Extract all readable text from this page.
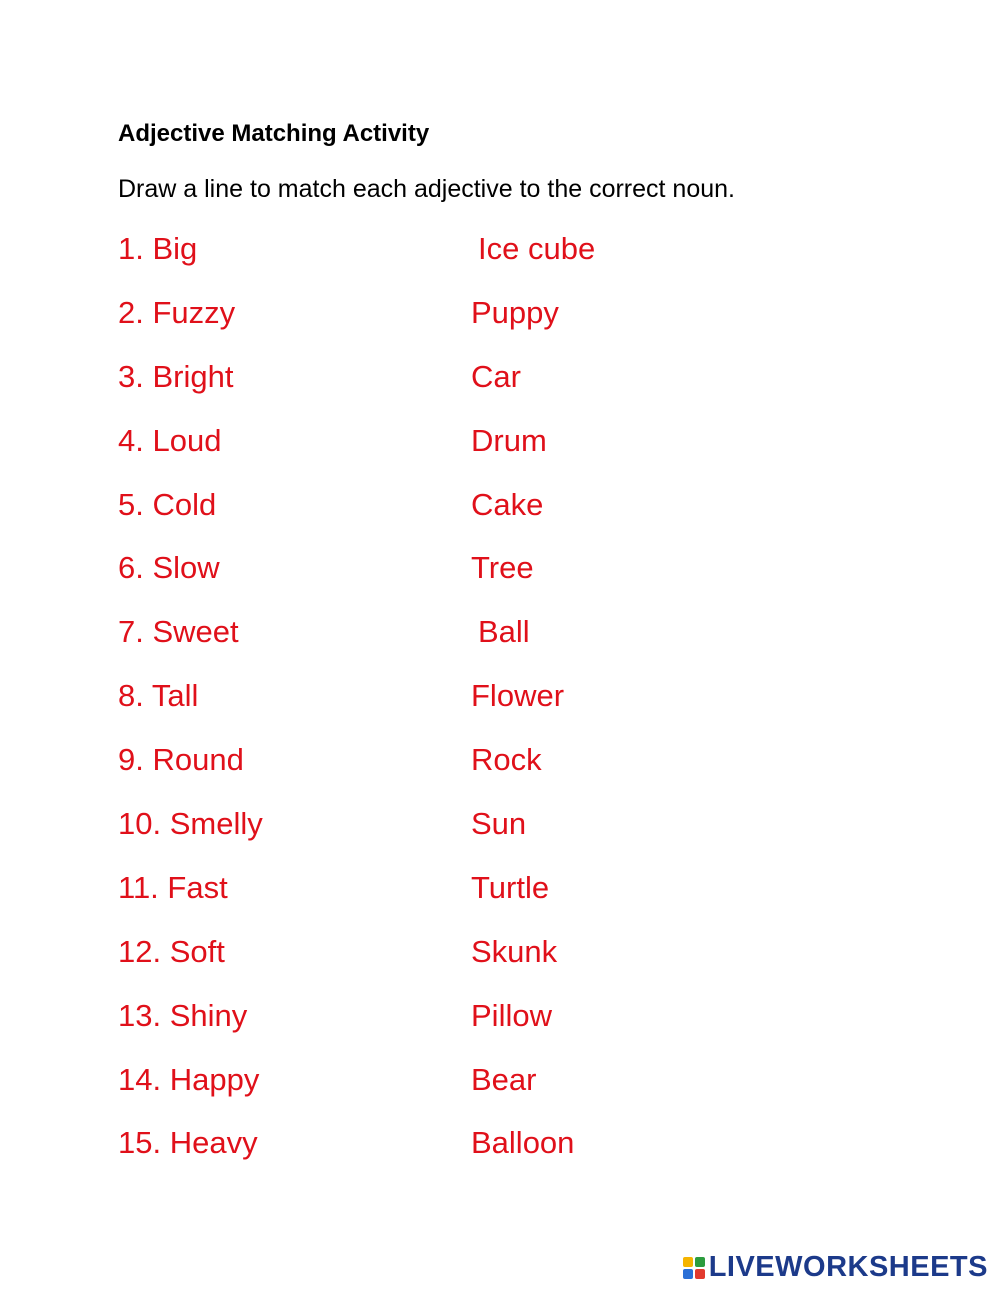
Adjective Matching Activity
Draw a line to match each adjective to the correct noun.
1. Big	Ice cube
2. Fuzzy	Puppy
3. Bright	Car
4. Loud	Drum
5. Cold	Cake
6. Slow	Tree
7. Sweet	Ball
8. Tall	Flower
9. Round	Rock
10. Smelly	Sun
11. Fast	Turtle
12. Soft	Skunk
13. Shiny	Pillow
14. Happy	Bear
15. Heavy	Balloon
LIVEWORKSHEETS
